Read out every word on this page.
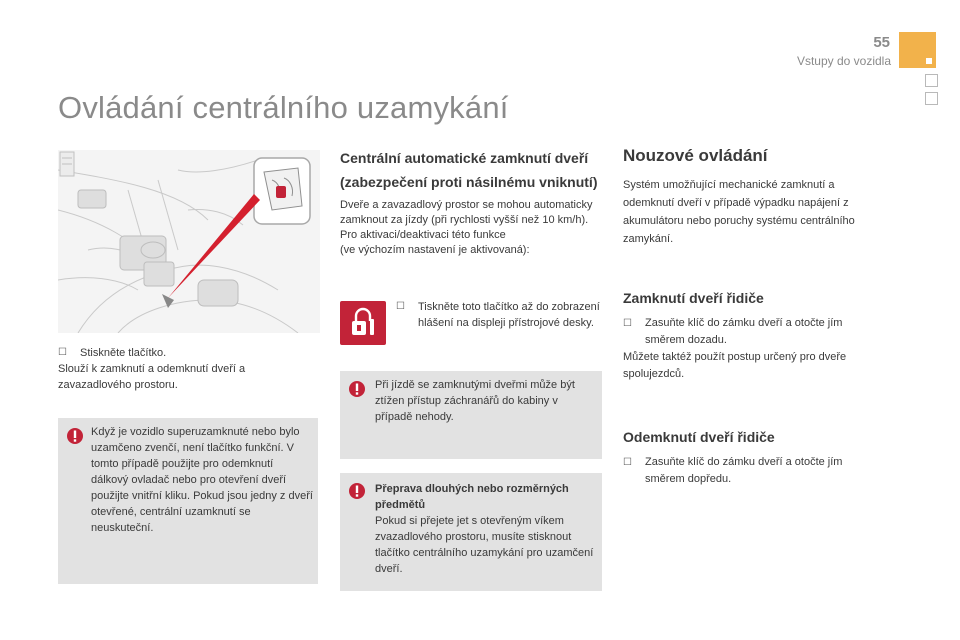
55
Vstupy do vozidla
Ovládání centrálního uzamykání
☐	Stiskněte tlačítko.
Slouží k zamknutí a odemknutí dveří a zavazadlového prostoru.
Když je vozidlo superuzamknuté nebo bylo uzamčeno zvenčí, není tlačítko funkční. V tomto případě použijte pro odemknutí dálkový ovladač nebo pro otevření dveří použijte vnitřní kliku. Pokud jsou jedny z dveří otevřené, centrální uzamknutí se neuskuteční.
Centrální automatické zamknutí dveří
(zabezpečení proti násilnému vniknutí)
Dveře a zavazadlový prostor se mohou automaticky zamknout za jízdy (při rychlosti vyšší než 10 km/h).
Pro aktivaci/deaktivaci této funkce
(ve výchozím nastavení je aktivovaná):
☐	Tiskněte toto tlačítko až do zobrazení hlášení na displeji přístrojové desky.
Při jízdě se zamknutými dveřmi může být ztížen přístup záchranářů do kabiny v případě nehody.
Přeprava dlouhých nebo rozměrných předmětů
Pokud si přejete jet s otevřeným víkem zvazadlového prostoru, musíte stisknout tlačítko centrálního uzamykání pro uzamčení dveří.
Nouzové ovládání
Systém umožňující mechanické zamknutí a odemknutí dveří v případě výpadku napájení z akumulátoru nebo poruchy systému centrálního zamykání.
Zamknutí dveří řidiče
☐	Zasuňte klíč do zámku dveří a otočte jím směrem dozadu.
Můžete taktéž použít postup určený pro dveře spolujezdců.
Odemknutí dveří řidiče
☐	Zasuňte klíč do zámku dveří a otočte jím směrem dopředu.
